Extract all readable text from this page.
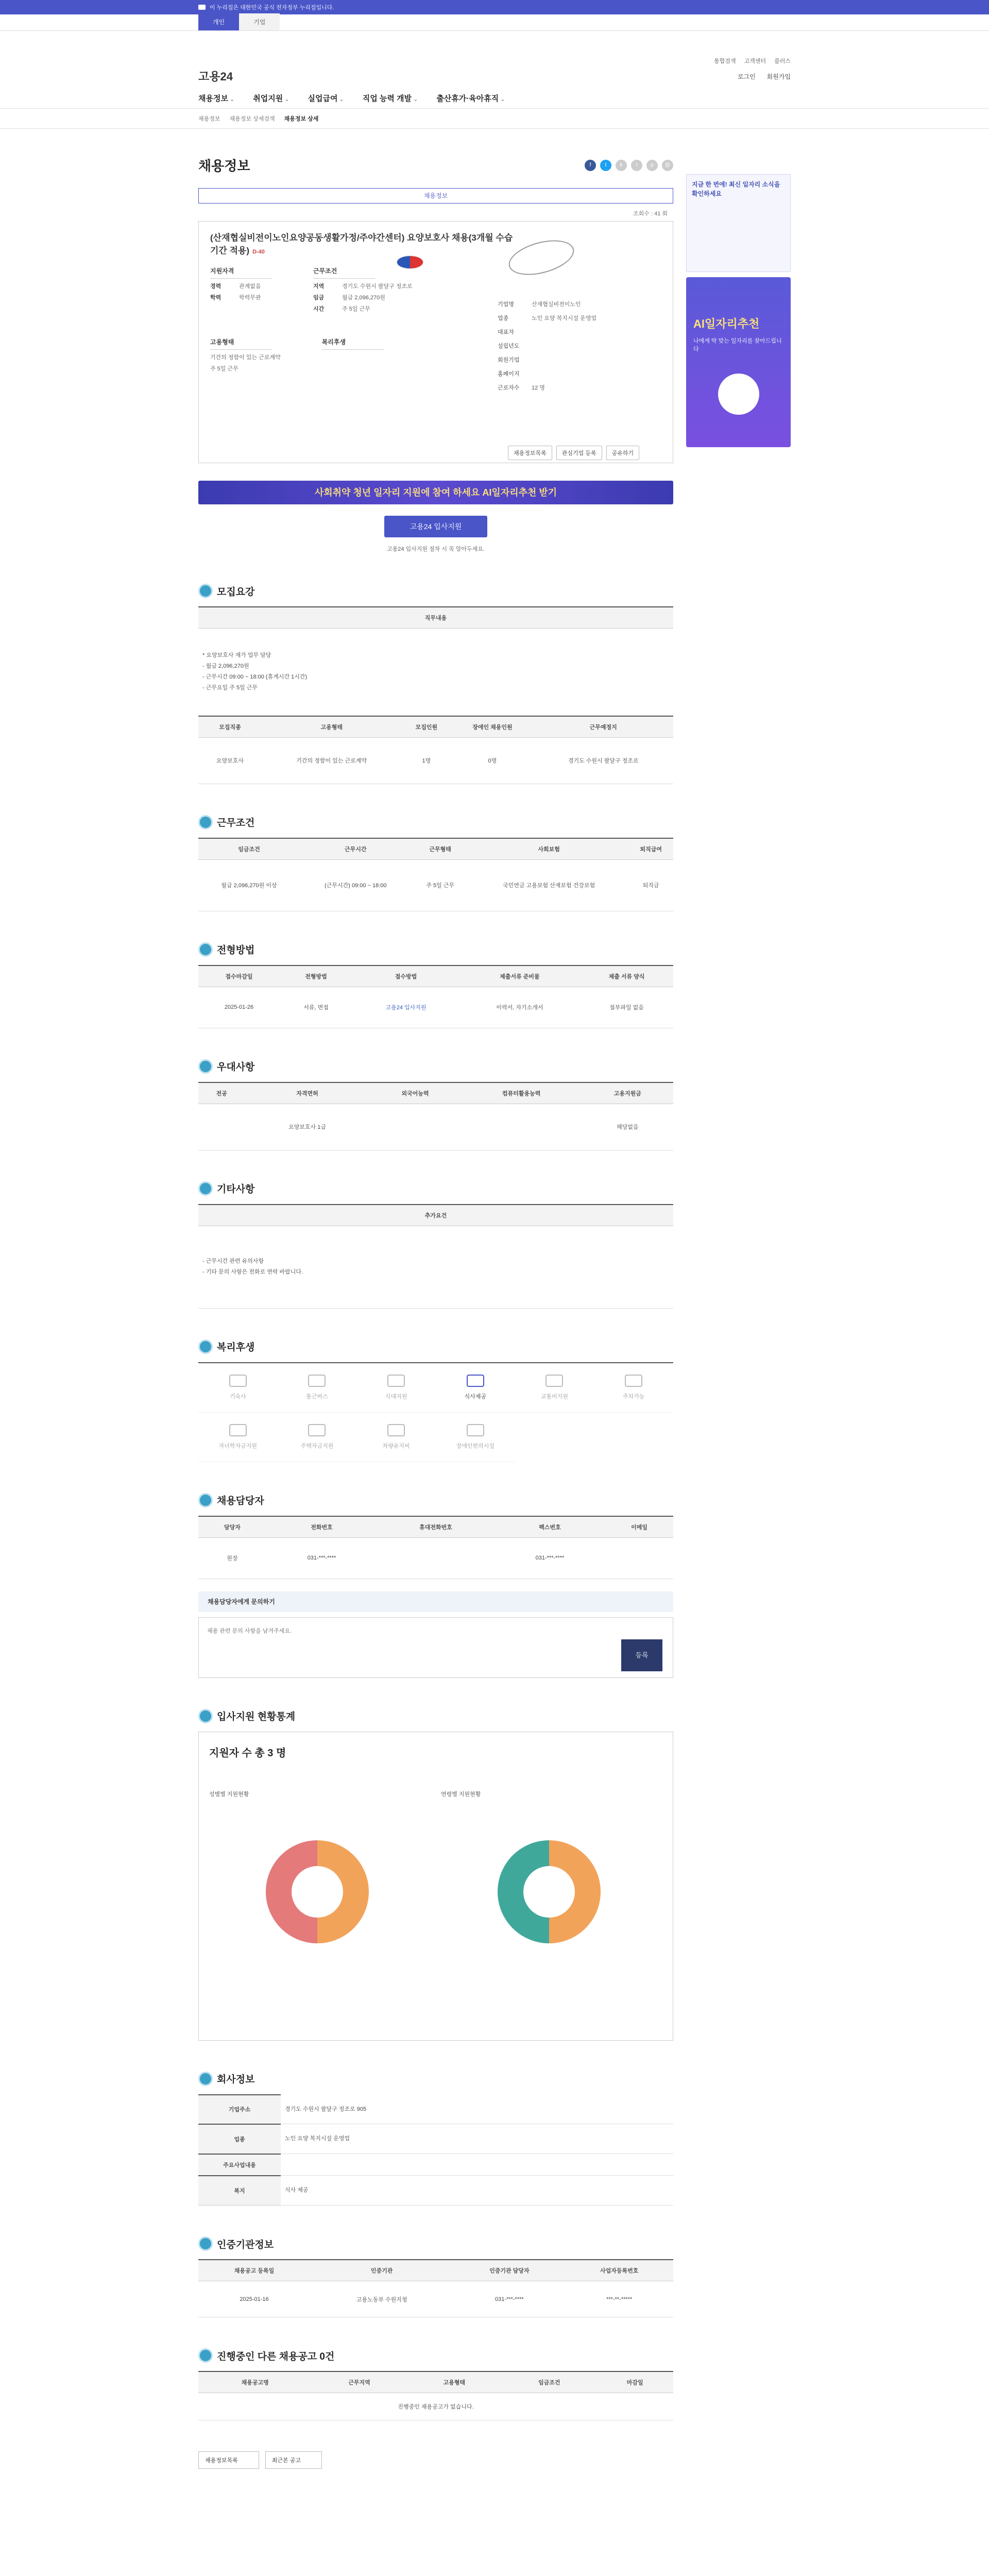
이 누리집은 대한민국 공식 전자정부 누리집입니다.
개인	기업
고용24
통합검색 고객센터 플러스
로그인 회원가입
채용정보 ⌄	취업지원 ⌄	실업급여 ⌄	직업 능력 개발 ⌄	출산휴가·육아휴직 ⌄
채용정보 채용정보 상세검색 채용정보 상세
채용정보	f	t	k	l	p	@
채용정보
조회수 : 41 회
(산재협실비전이노인요양공동생활가정/주야간센터) 요양보호사 채용(3개월 수습기간 적용) D-40
지원자격
경력	관계없음
학력	학력무관
근무조건
지역	경기도 수원시 팔달구 정조로
임금	월급 2,096,270원
시간	주 5일 근무
고용형태
기간의 정함이 있는 근로계약
주 5일 근무
복리후생
기업명	산재협실비전이노인
업종	노인 요양 복지시설 운영업
대표자
설립년도
회원기업
홈페이지
근로자수	12 명
채용정보목록	관심기업 등록	공유하기
사회취약 청년 일자리 지원에 참여 하세요 AI일자리추천 받기
고용24 입사지원
고용24 입사지원 절차 시 꼭 알아두세요.
모집요강
직무내용				

* 요양보호사 재가 업무 담당
- 월급 2,096,270원
- 근무시간 09:00 ~ 18:00 (휴게시간 1시간)
- 근무요일 주 5일 근무				

모집직종	고용형태	모집인원	장애인 채용인원	근무예정지
요양보호사	기간의 정함이 있는 근로계약	1명	0명	경기도 수원시 팔달구 정조로
근무조건
임금조건	근무시간	근무형태	사회보험	퇴직급여
월급 2,096,270원 이상	(근무시간) 09:00 ~ 18:00	주 5일 근무	국민연금 고용보험 산재보험 건강보험	퇴직금
전형방법
접수마감일	전형방법	접수방법	제출서류 준비물	제출 서류 양식
2025-01-26	서류, 면접	고용24 입사지원	이력서, 자기소개서	첨부파일 없음
우대사항
전공	자격면허	외국어능력	컴퓨터활용능력	고용지원금
	요양보호사 1급			해당없음
기타사항
추가요건

- 근무시간 관련 유의사항
- 기타 문의 사항은 전화로 연락 바랍니다.
복리후생
기숙사	통근버스	식대지원	식사제공	교통비지원	주차가능
자녀학자금지원	주택자금지원	차량유지비	장애인편의시설
채용담당자
담당자	전화번호	휴대전화번호	팩스번호	이메일
원장	031-***-****		031-***-****	
채용담당자에게 문의하기

채용 관련 문의 사항을 남겨주세요.

등록
입사지원 현황통계
지원자 수 총 3 명
성별별 지원현황	연령별 지원현황
회사정보
기업주소	경기도 수원시 팔달구 정조로 905
업종	노인 요양 복지시설 운영업
주요사업내용	
복지	식사 제공
인증기관정보
채용공고 등록일	인증기관	인증기관 담당자	사업자등록번호
2025-01-16	고용노동부 수원지청	031-***-****	***-**-*****
진행중인 다른 채용공고 0건
채용공고명	근무지역	고용형태	임금조건	마감일
진행중인 채용공고가 없습니다.
채용정보목록	최근본 공고
지금 한 번에! 최신 일자리 소식을 확인하세요
AI일자리추천
나에게 딱 맞는 일자리를 찾아드립니다
